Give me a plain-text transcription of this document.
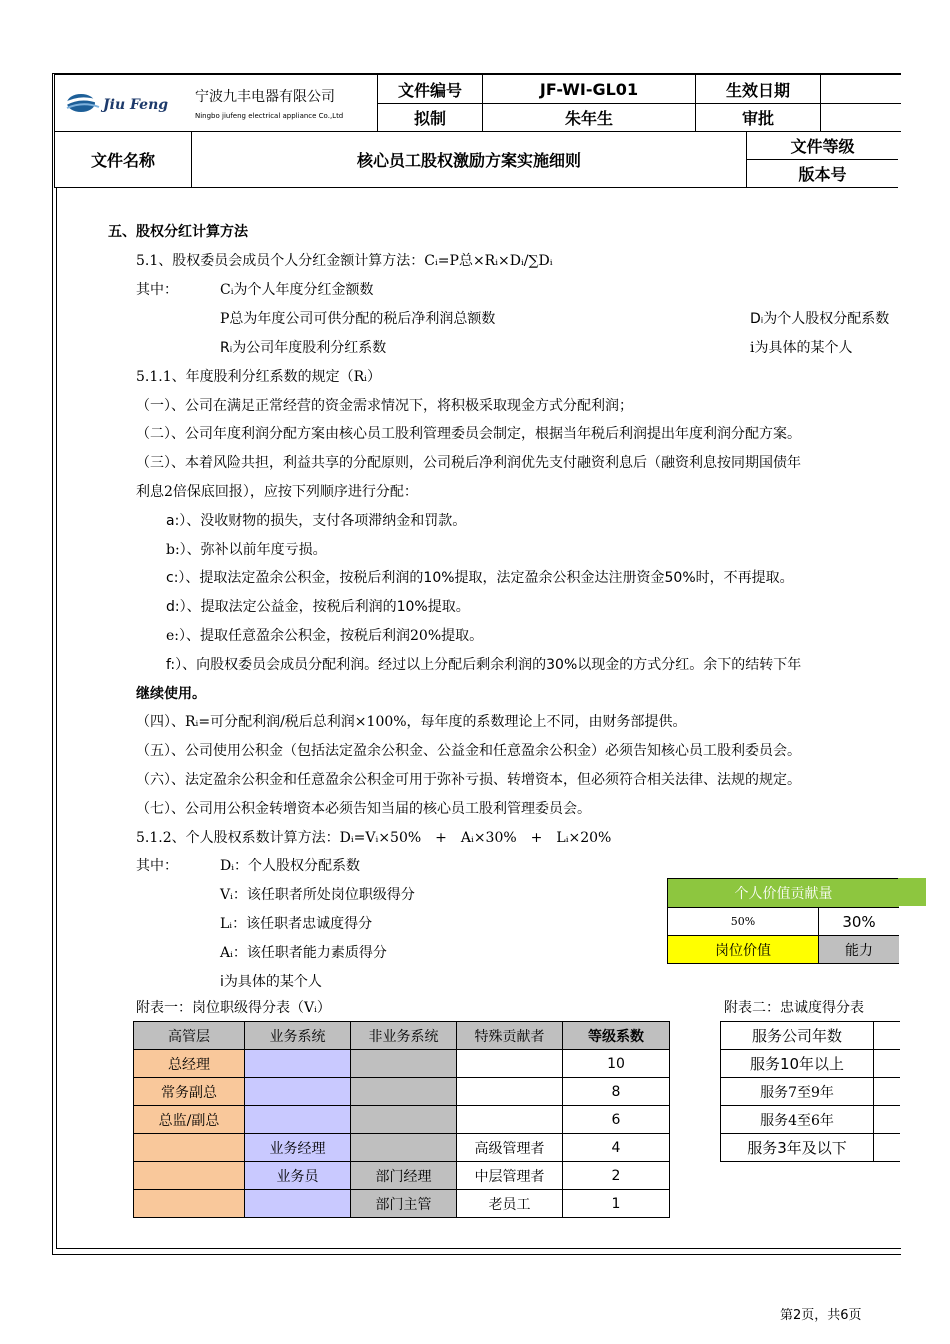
Jiu Feng	宁波九丰电器有限公司
Ningbo jiufeng electrical appliance Co.,Ltd	文件编号	JF-WI-GL01	生效日期	
		拟制	朱年生	审批	
文件名称	核心员工股权激励方案实施细则	文件等级
版本号
五、股权分红计算方法
5.1、股权委员会成员个人分红金额计算方法：Cᵢ=P总×Rᵢ×Dᵢ/∑Dᵢ
其中：	Cᵢ为个人年度分红金额数
P总为年度公司可供分配的税后净利润总额数	Dᵢ为个人股权分配系数
Rᵢ为公司年度股利分红系数	i为具体的某个人
5.1.1、年度股利分红系数的规定（Rᵢ）
（一）、公司在满足正常经营的资金需求情况下，将积极采取现金方式分配利润；
（二）、公司年度利润分配方案由核心员工股利管理委员会制定，根据当年税后利润提出年度利润分配方案。
（三）、本着风险共担，利益共享的分配原则，公司税后净利润优先支付融资利息后（融资利息按同期国债年
利息2倍保底回报），应按下列顺序进行分配：
a:）、没收财物的损失，支付各项滞纳金和罚款。
b:）、弥补以前年度亏损。
c:）、提取法定盈余公积金，按税后利润的10%提取，法定盈余公积金达注册资金50%时，不再提取。
d:）、提取法定公益金，按税后利润的10%提取。
e:）、提取任意盈余公积金，按税后利润20%提取。
f:）、向股权委员会成员分配利润。经过以上分配后剩余利润的30%以现金的方式分红。余下的结转下年
继续使用。
（四）、Rᵢ=可分配利润/税后总利润×100%，每年度的系数理论上不同，由财务部提供。
（五）、公司使用公积金（包括法定盈余公积金、公益金和任意盈余公积金）必须告知核心员工股利委员会。
（六）、法定盈余公积金和任意盈余公积金可用于弥补亏损、转增资本，但必须符合相关法律、法规的规定。
（七）、公司用公积金转增资本必须告知当届的核心员工股利管理委员会。
5.1.2、个人股权系数计算方法：Dᵢ=Vᵢ×50%　+　Aᵢ×30%　+　Lᵢ×20%
其中：	Dᵢ：个人股权分配系数
Vᵢ：该任职者所处岗位职级得分
Lᵢ：该任职者忠诚度得分
Aᵢ：该任职者能力素质得分
i为具体的某个人
个人价值贡献量	
50%	30%
岗位价值	能力
附表一：岗位职级得分表（Vᵢ）	附表二：忠诚度得分表
高管层	业务系统	非业务系统	特殊贡献者	等级系数
总经理				10
常务副总				8
总监/副总				6
	业务经理		高级管理者	4
	业务员	部门经理	中层管理者	2
		部门主管	老员工	1
服务公司年数	
服务10年以上	
服务7至9年	
服务4至6年	
服务3年及以下	
第2页，共6页
